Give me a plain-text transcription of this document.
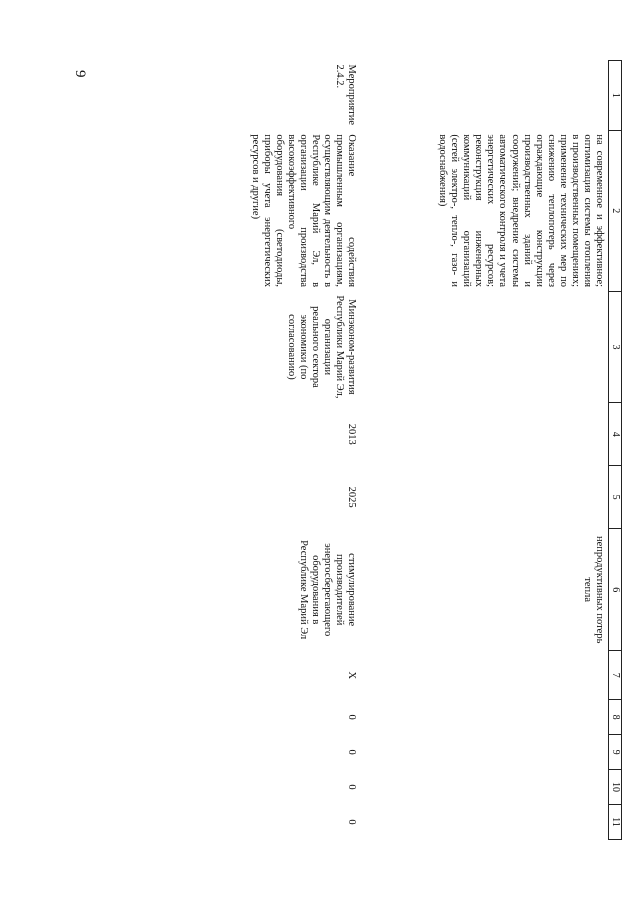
9
1	2	3	4	5	6	7	8	9	10	11
	на современное и эффективное; оптимизация системы отопления в производственных помещениях; применение технических мер по снижению теплопотерь через ограждающие конструкции производственных зданий и сооружений; внедрение системы автоматического контроля и учета энергетических ресурсов; реконструкция инженерных коммуникаций организаций (сетей электро-, тепло-, газо- и водоснабжения)				непродуктивных потерь тепла					
Мероприятие 2.4.2.	Оказание содействия промышленным организациям, осуществляющим деятельность в Республике Марий Эл, в организации производства высокоэффективного оборудования (светодиоды, приборы учета энергетических ресурсов и другие)	Минэконом-развития Республики Марий Эл, организации реального сектора экономики (по согласованию)	2013	2025	стимулирование производителей энергосберегающего оборудования в Республике Марий Эл	Х	0	0	0	0
